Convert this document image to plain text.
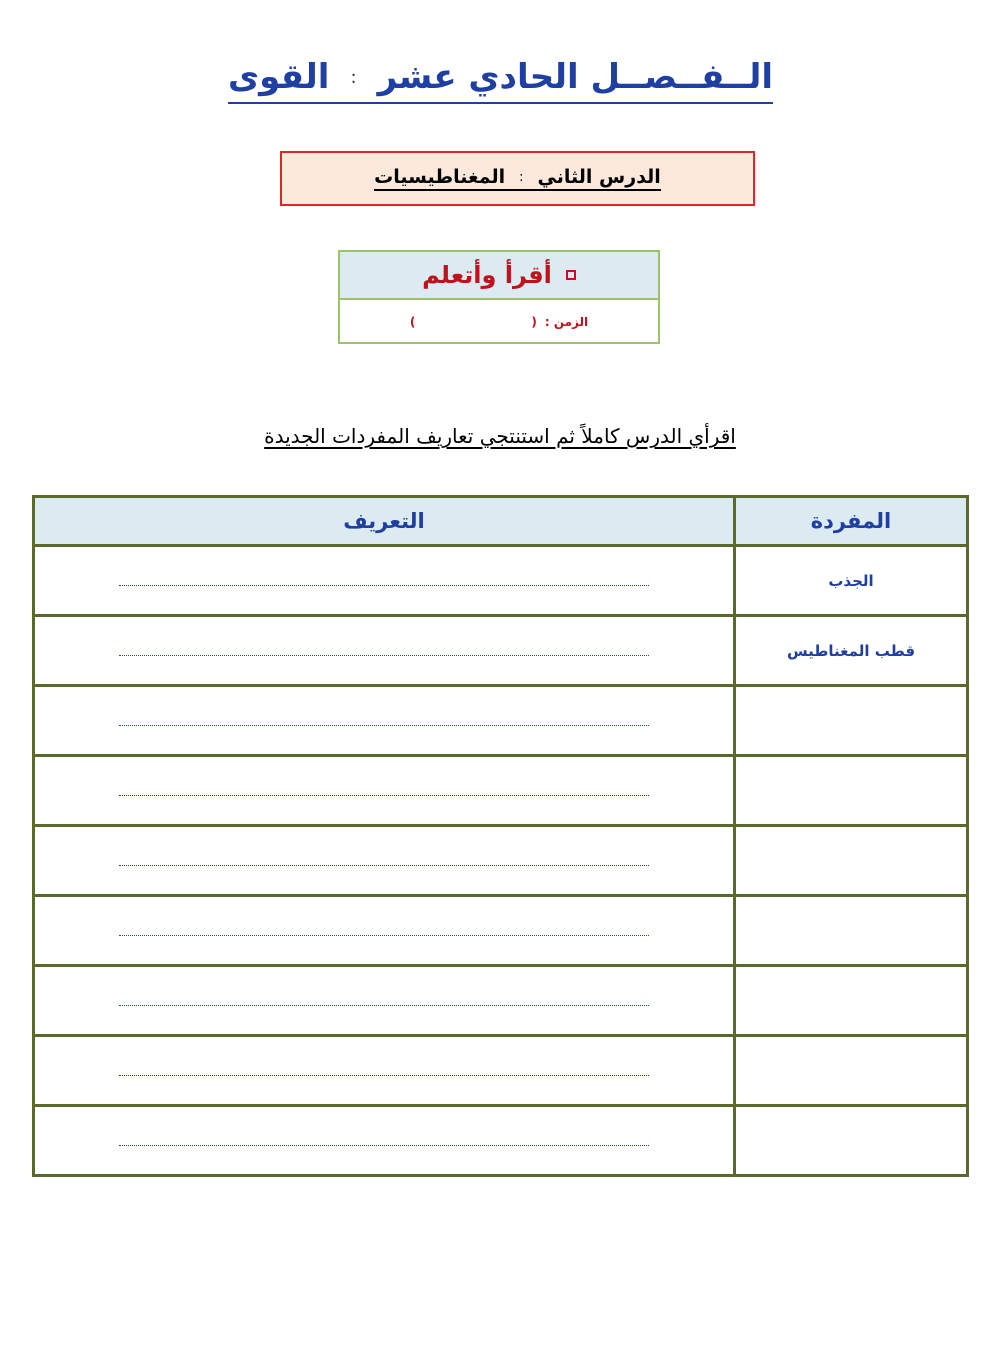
القوى : الــفــصــل الحادي عشر
الدرس الثاني
:
المغناطيسيات
أقرأ وأتعلم
الزمن :
(
)
اقرأي الدرس كاملاً ثم استنتجي تعاريف المفردات الجديدة
المفردة	التعريف
الجذب	
قطب المغناطيس	
